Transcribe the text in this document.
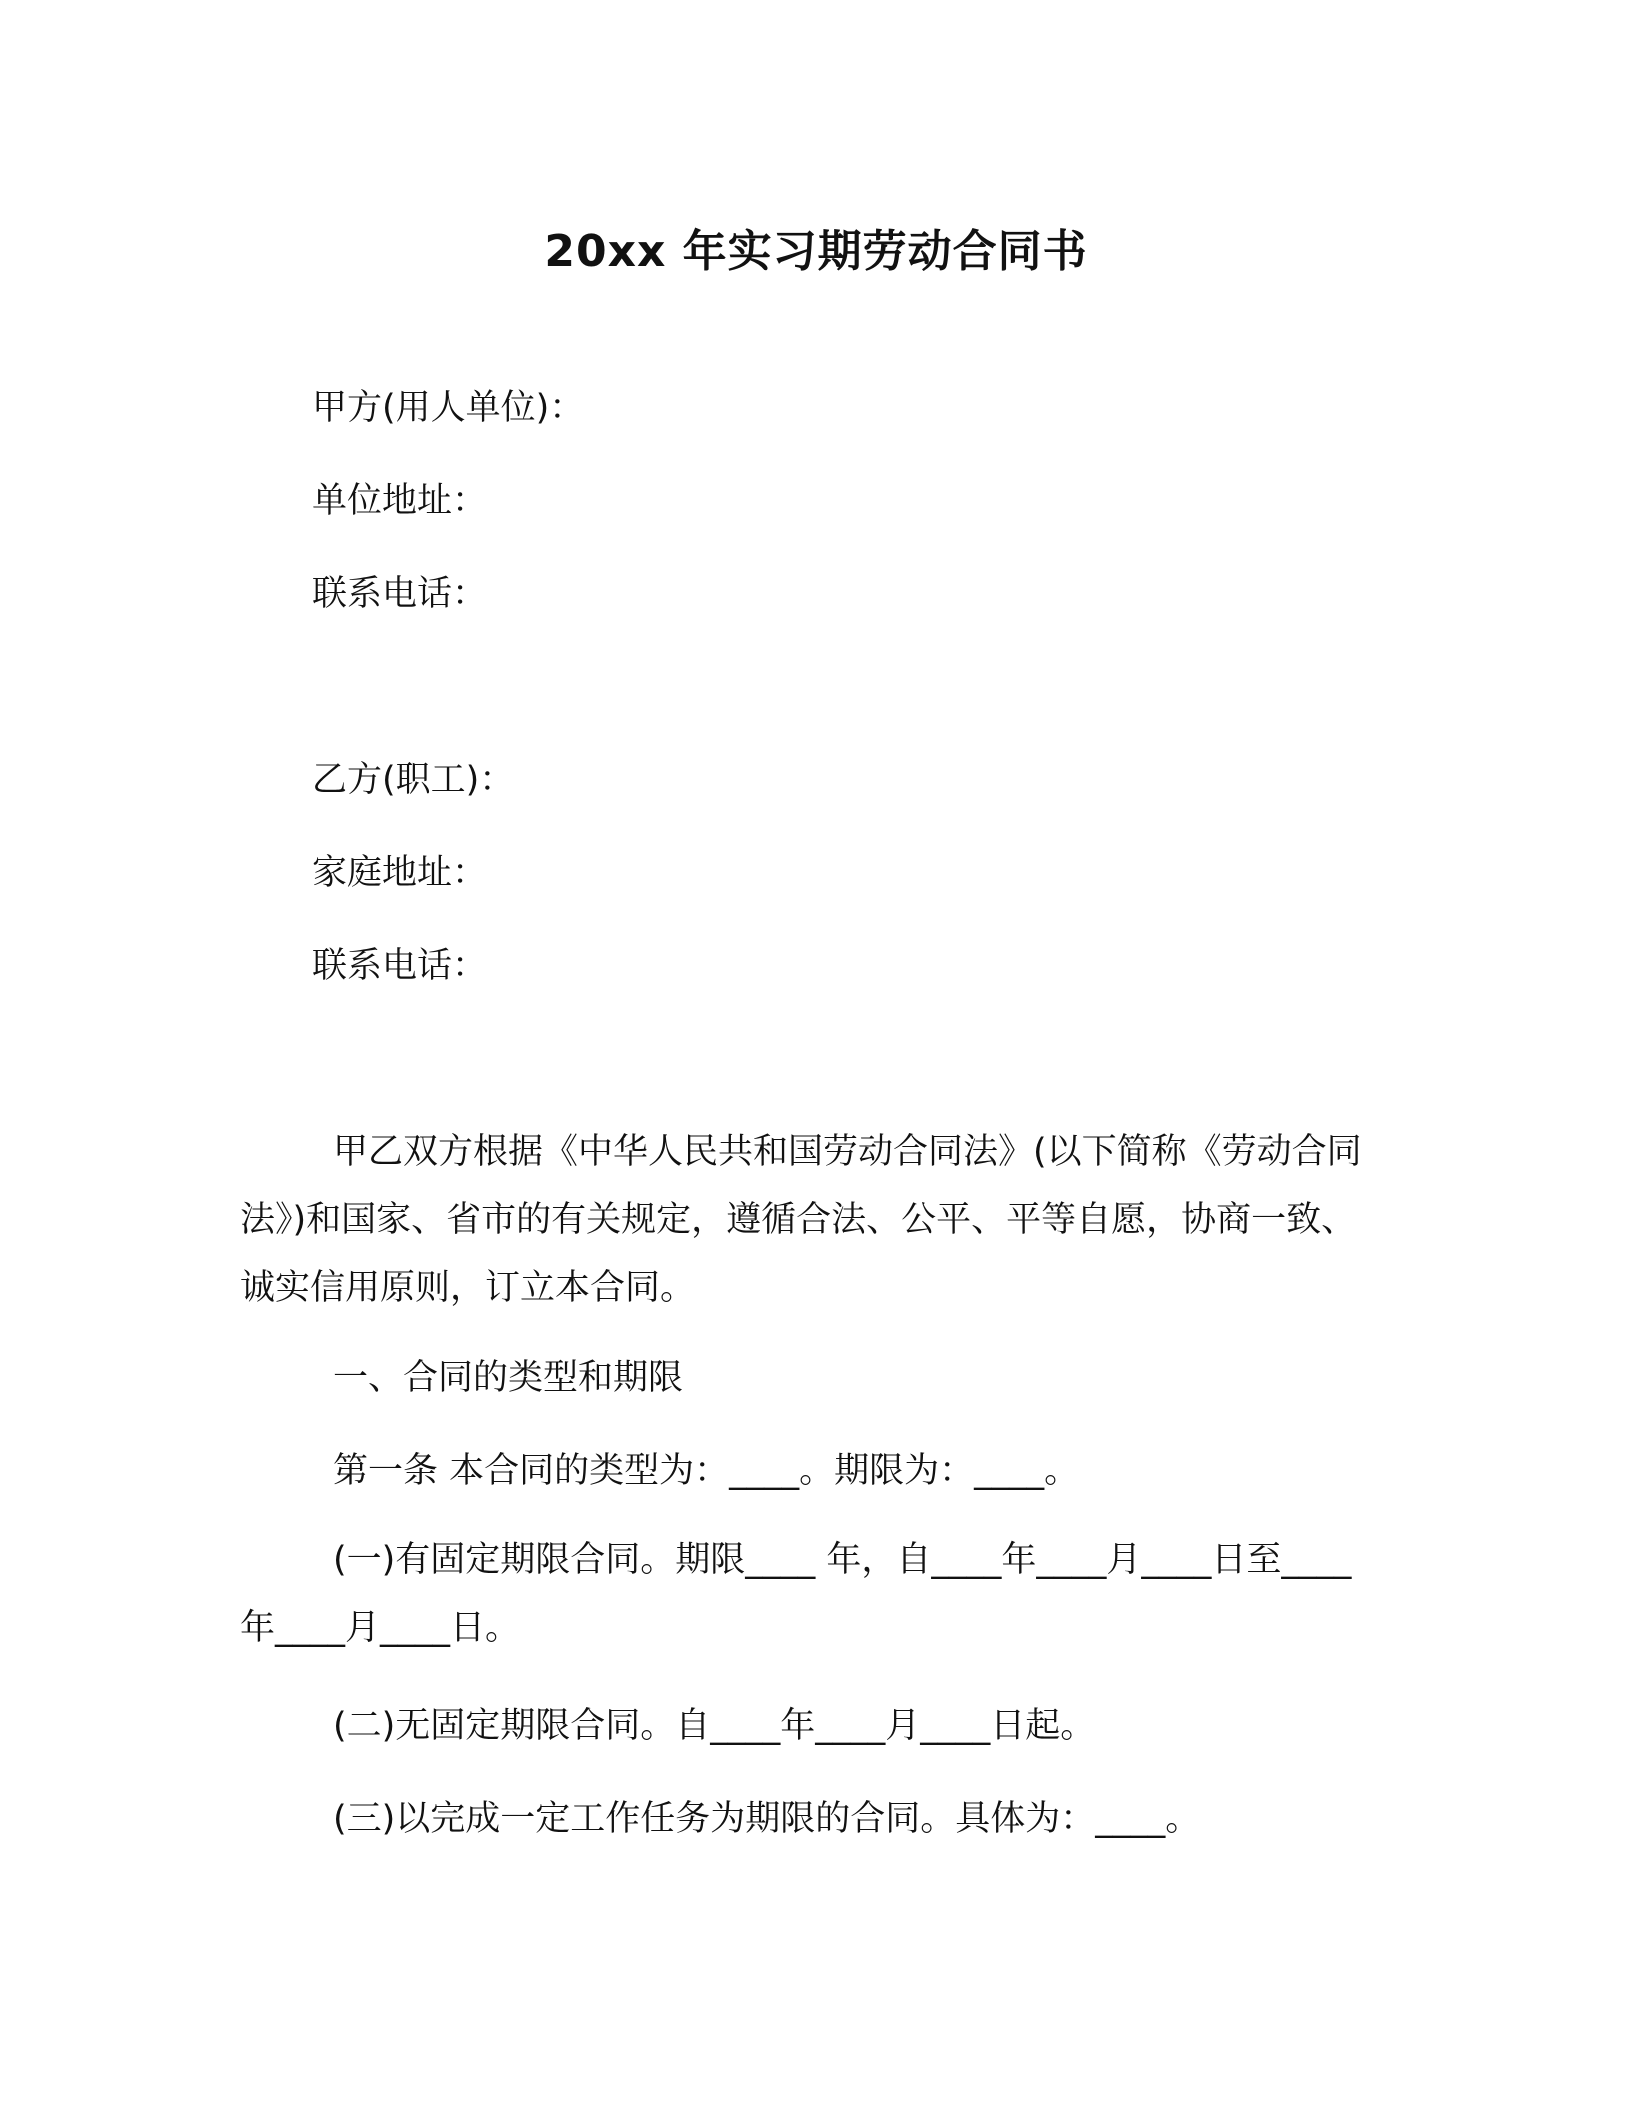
20xx 年实习期劳动合同书
甲方(用人单位)：
单位地址：
联系电话：
乙方(职工)：
家庭地址：
联系电话：

甲乙双方根据《中华人民共和国劳动合同法》(以下简称《劳动合同法》)和国家、省市的有关规定，遵循合法、公平、平等自愿，协商一致、诚实信用原则，订立本合同。

一、合同的类型和期限
第一条 本合同的类型为：____。期限为：____。

(一)有固定期限合同。期限____ 年，自____年____月____日至____年____月____日。

(二)无固定期限合同。自____年____月____日起。
(三)以完成一定工作任务为期限的合同。具体为：____。
